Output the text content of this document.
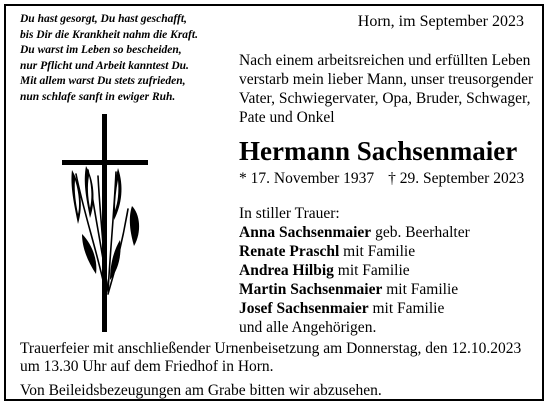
Du hast gesorgt, Du hast geschafft,
bis Dir die Krankheit nahm die Kraft.
Du warst im Leben so bescheiden,
nur Pflicht und Arbeit kanntest Du.
Mit allem warst Du stets zufrieden,
nun schlafe sanft in ewiger Ruh.
Horn, im September 2023
Nach einem arbeitsreichen und erfüllten Leben
verstarb mein lieber Mann, unser treusorgender
Vater, Schwiegervater, Opa, Bruder, Schwager,
Pate und Onkel
Hermann Sachsenmaier
* 17. November 1937 † 29. September 2023
In stiller Trauer:
Anna Sachsenmaier geb. Beerhalter
Renate Praschl mit Familie
Andrea Hilbig mit Familie
Martin Sachsenmaier mit Familie
Josef Sachsenmaier mit Familie
und alle Angehörigen.
Trauerfeier mit anschließender Urnenbeisetzung am Donnerstag, den 12.10.2023
um 13.30 Uhr auf dem Friedhof in Horn.
Von Beileidsbezeugungen am Grabe bitten wir abzusehen.
